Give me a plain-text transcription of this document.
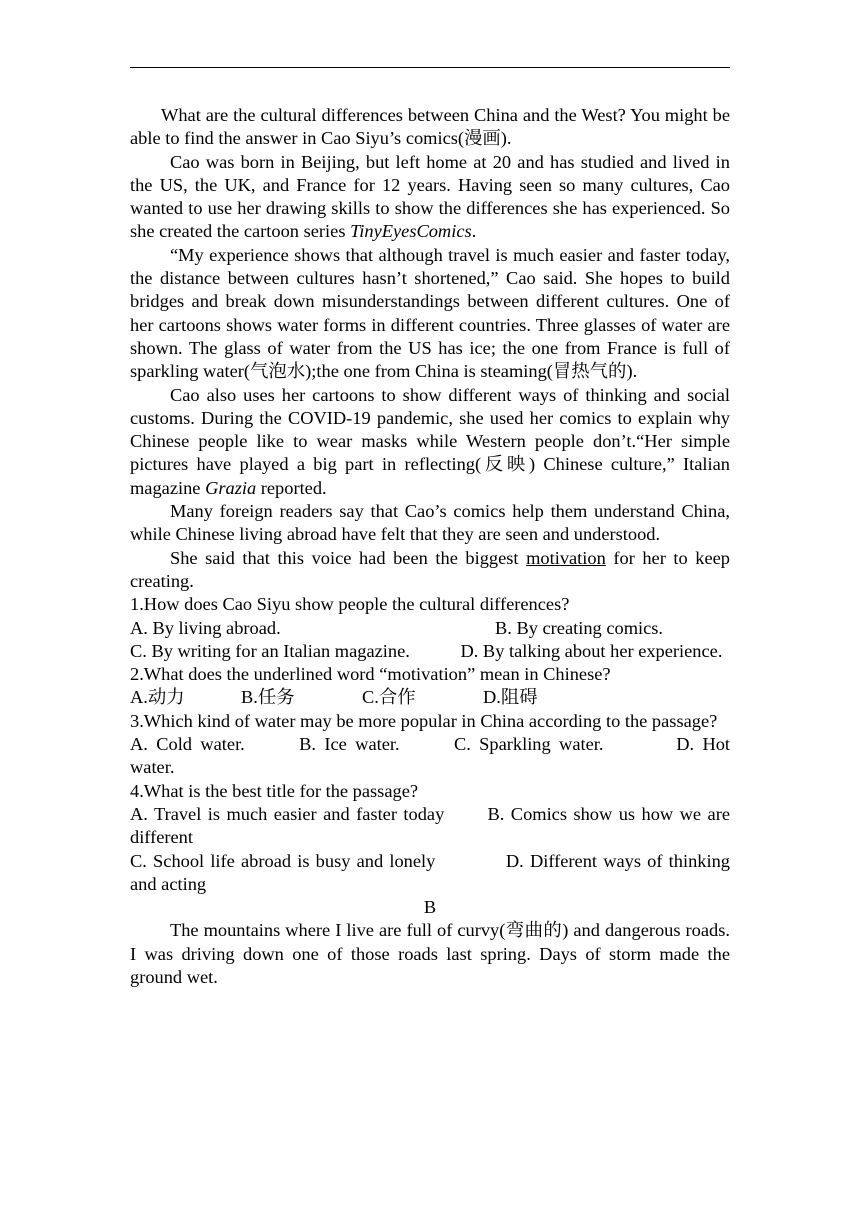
What are the cultural differences between China and the West? You might be able to find the answer in Cao Siyu’s comics(漫画).

Cao was born in Beijing, but left home at 20 and has studied and lived in the US, the UK, and France for 12 years. Having seen so many cultures, Cao wanted to use her drawing skills to show the differences she has experienced. So she created the cartoon series TinyEyesComics.

“My experience shows that although travel is much easier and faster today, the distance between cultures hasn’t shortened,” Cao said. She hopes to build bridges and break down misunderstandings between different cultures. One of her cartoons shows water forms in different countries. Three glasses of water are shown. The glass of water from the US has ice; the one from France is full of sparkling water(气泡水);the one from China is steaming(冒热气的).

Cao also uses her cartoons to show different ways of thinking and social customs. During the COVID-19 pandemic, she used her comics to explain why Chinese people like to wear masks while Western people don’t.“Her simple pictures have played a big part in reflecting(反映) Chinese culture,” Italian magazine Grazia reported.

Many foreign readers say that Cao’s comics help them understand China, while Chinese living abroad have felt that they are seen and understood.

She said that this voice had been the biggest motivation for her to keep creating.

1.How does Cao Siyu show people the cultural differences?

A. By living abroad.	B. By creating comics.

C. By writing for an Italian magazine.   	D. By talking about her experience.

2.What does the underlined word “motivation” mean in Chinese?

A.动力	B.任务	C.合作	D.阻碍

3.Which kind of water may be more popular in China according to the passage?

A. Cold water.   	B. Ice water.   	C. Sparkling water.    	D. Hot water.

4.What is the best title for the passage?

A. Travel is much easier and faster today   B. Comics show us how we are different

C. School life abroad is busy and lonely    	D. Different ways of thinking and acting

B

The mountains where I live are full of curvy(弯曲的) and dangerous roads. I was driving down one of those roads last spring. Days of storm made the ground wet.
